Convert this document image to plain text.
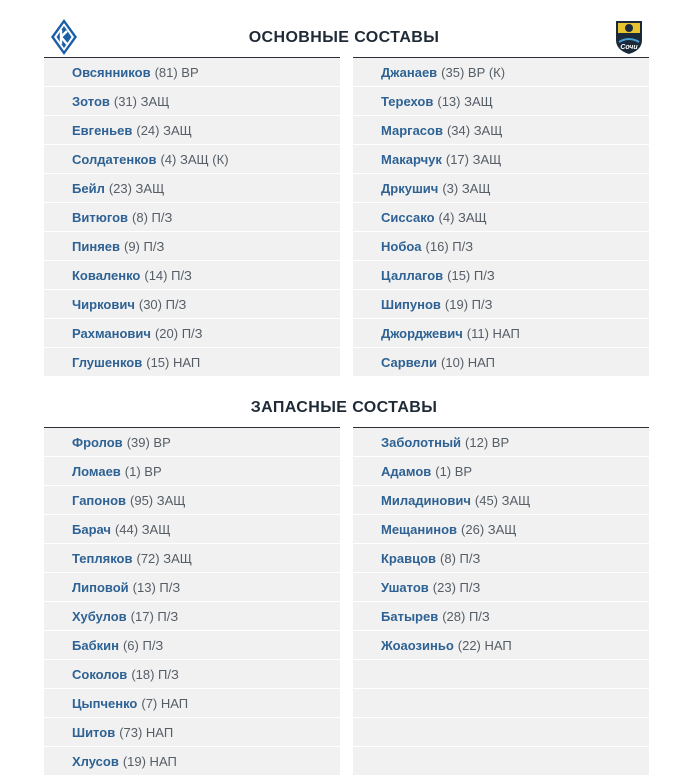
Сочи
ОСНОВНЫЕ СОСТАВЫ
Овсянников (81) ВР
Зотов (31) ЗАЩ
Евгеньев (24) ЗАЩ
Солдатенков (4) ЗАЩ (К)
Бейл (23) ЗАЩ
Витюгов (8) П/З
Пиняев (9) П/З
Коваленко (14) П/З
Чиркович (30) П/З
Рахманович (20) П/З
Глушенков (15) НАП
Джанаев (35) ВР (К)
Терехов (13) ЗАЩ
Маргасов (34) ЗАЩ
Макарчук (17) ЗАЩ
Дркушич (3) ЗАЩ
Сиссако (4) ЗАЩ
Нобоа (16) П/З
Цаллагов (15) П/З
Шипунов (19) П/З
Джорджевич (11) НАП
Сарвели (10) НАП
ЗАПАСНЫЕ СОСТАВЫ
Фролов (39) ВР
Ломаев (1) ВР
Гапонов (95) ЗАЩ
Барач (44) ЗАЩ
Тепляков (72) ЗАЩ
Липовой (13) П/З
Хубулов (17) П/З
Бабкин (6) П/З
Соколов (18) П/З
Цыпченко (7) НАП
Шитов (73) НАП
Хлусов (19) НАП
Заболотный (12) ВР
Адамов (1) ВР
Миладинович (45) ЗАЩ
Мещанинов (26) ЗАЩ
Кравцов (8) П/З
Ушатов (23) П/З
Батырев (28) П/З
Жоаозиньо (22) НАП
